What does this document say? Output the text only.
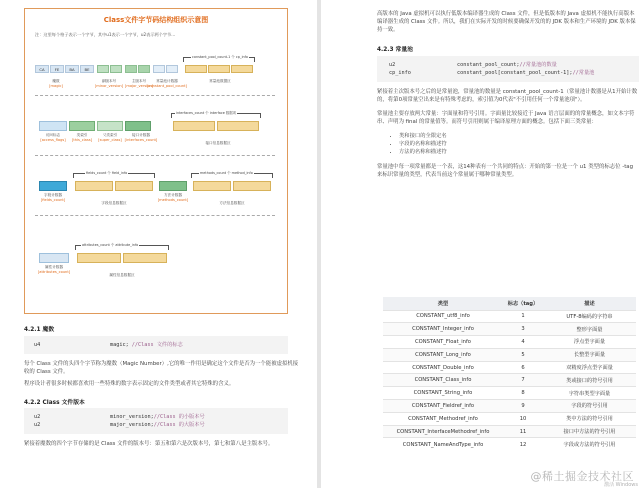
Class文件字节码结构组织示意图
注：这里每个格子表示一个字节，其中u1表示一个字节，u2表示两个字节...
CA	FE	BA	BE
constant_pool_count-1 个 cp_info
魔数
[magic]
副版本号
[minor_version]
主版本号
[major_version]
常量池计数器
[constant_pool_count]
常量池数据区
interfaces_count 个 interface 数据项
访问标志
[access_flags]
类索引
[this_class]
父类索引
[super_class]
接口计数器
[interfaces_count]
接口信息数据区
fields_count 个 field_info	methods_count 个 method_info
字段计数器
[fields_count]
字段信息数据区
方法计数器
[methods_count]
方法信息数据区
attributes_count 个 attribute_info
属性计数器
[attributes_count]
属性信息数据区
4.2.1 魔数
u4	magic; //Class 文件的标志
每个 Class 文件的头四个字节称为魔数（Magic Number）,它的唯一作用是确定这个文件是否为一个能被虚拟机接收的 Class 文件。
程序设计者很多时候都喜欢用一些特殊的数字表示固定的文件类型或者其它特殊的含义。
4.2.2 Class 文件版本
u2	minor_version;//Class 的小版本号
u2	major_version;//Class 的大版本号
紧接着魔数的四个字节存储的是 Class 文件的版本号：第五和第六是次版本号，第七和第八是主版本号。
高版本的 Java 虚拟机可以执行低版本编译器生成的 Class 文件，但是低版本的 Java 虚拟机不能执行高版本编译器生成的 Class 文件。所以，我们在实际开发的时候要确保开发的的 JDK 版本和生产环境的 JDK 版本保持一致。
4.2.3 常量池
u2	constant_pool_count;//常量池的数量
cp_info	constant_pool[constant_pool_count-1];//常量池
紧接着主次版本号之后的是常量池，常量池的数量是 constant_pool_count-1（常量池计数器是从1开始计数的，将第0项常量空出来是有特殊考虑的，索引值为0代表"不引用任何一个常量池项"）。
常量池主要存放两大常量：字面量和符号引用。字面量比较接近于 Java 语言层面的的常量概念，如文本字符串、声明为 final 的常量值等。而符号引用则属于编译原理方面的概念。包括下面三类常量：
• 类和接口的全限定名
• 字段的名称和描述符
• 方法的名称和描述符
常量池中每一项常量都是一个表，这14种表有一个共同的特点：开始的第一位是一个 u1 类型的标志位 -tag 来标识常量的类型，代表当前这个常量属于哪种常量类型。
类型	标志（tag）	描述
CONSTANT_utf8_info	1	UTF-8编码的字符串
CONSTANT_Integer_info	3	整形字面量
CONSTANT_Float_info	4	浮点型字面量
CONSTANT_Long_info	5	长整型字面量
CONSTANT_Double_info	6	双精度浮点型字面量
CONSTANT_Class_info	7	类或接口的符号引用
CONSTANT_String_info	8	字符串类型字面量
CONSTANT_Fieldref_info	9	字段的符号引用
CONSTANT_Methodref_info	10	类中方法的符号引用
CONSTANT_InterfaceMethodref_info	11	接口中方法的符号引用
CONSTANT_NameAndType_info	12	字段或方法的符号引用
@稀土掘金技术社区
激活 Windows
